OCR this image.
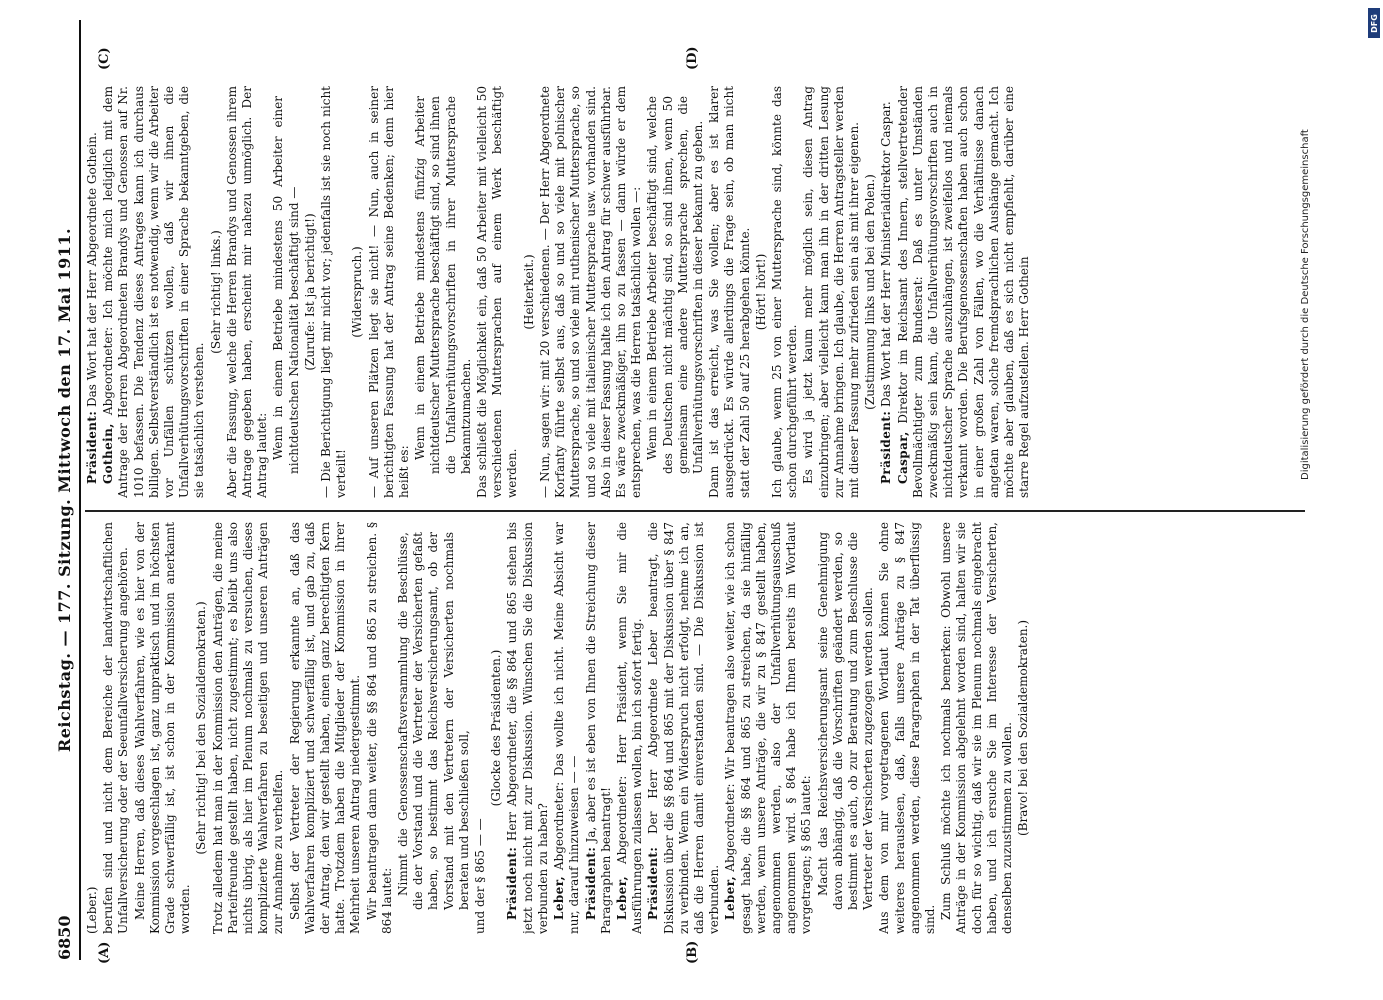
6850
Reichstag. — 177. Sitzung. Mittwoch den 17. Mai 1911.
(A)	(B)
(C)	(D)

(Leber.) berufen sind und nicht dem Bereiche der landwirtschaftlichen Unfallversicherung oder der Seeunfallversicherung angehören. Meine Herren, daß dieses Wahlverfahren, wie es hier von der Kommission vorgeschlagen ist, ganz unpraktisch und im höchsten Grade schwerfällig ist, ist schon in der Kommission anerkannt worden.

(Sehr richtig! bei den Sozialdemokraten.) Trotz alledem hat man in der Kommission den Anträgen, die meine Parteifreunde gestellt haben, nicht zugestimmt; es bleibt uns also nichts übrig, als hier im Plenum nochmals zu versuchen, dieses komplizierte Wahlverfahren zu beseitigen und unseren Anträgen zur Annahme zu verhelfen. Selbst der Vertreter der Regierung erkannte an, daß das Wahlverfahren kompliziert und schwerfällig ist, und gab zu, daß der Antrag, den wir gestellt haben, einen ganz berechtigten Kern hatte. Trotzdem haben die Mitglieder der Kommission in ihrer Mehrheit unseren Antrag niedergestimmt. Wir beantragen dann weiter, die §§ 864 und 865 zu streichen. § 864 lautet:

Nimmt die Genossenschaftsversammlung die Beschlüsse, die der Vorstand und die Vertreter der Versicherten gefaßt haben, so bestimmt das Reichsversicherungsamt, ob der Vorstand mit den Vertretern der Versicherten nochmals beraten und beschließen soll, und der § 865 — —

(Glocke des Präsidenten.)

Präsident: Herr Abgeordneter, die §§ 864 und 865 stehen bis jetzt noch nicht mit zur Diskussion. Wünschen Sie die Diskussion verbunden zu haben? Leber, Abgeordneter: Das wollte ich nicht. Meine Absicht war nur, darauf hinzuweisen — — Präsident: Ja, aber es ist eben von Ihnen die Streichung dieser Paragraphen beantragt! Leber, Abgeordneter: Herr Präsident, wenn Sie mir die Ausführungen zulassen wollen, bin ich sofort fertig. Präsident: Der Herr Abgeordnete Leber beantragt, die Diskussion über die §§ 864 und 865 mit der Diskussion über § 847 zu verbinden. Wenn ein Widerspruch nicht erfolgt, nehme ich an, daß die Herren damit einverstanden sind. — Die Diskussion ist verbunden. Leber, Abgeordneter: Wir beantragen also weiter, wie ich schon gesagt habe, die §§ 864 und 865 zu streichen, da sie hinfällig werden, wenn unsere Anträge, die wir zu § 847 gestellt haben, angenommen werden, also der Unfallverhütungsausschuß angenommen wird. § 864 habe ich Ihnen bereits im Wortlaut vorgetragen; § 865 lautet: Macht das Reichsversicherungsamt seine Genehmigung davon abhängig, daß die Vorschriften geändert werden, so bestimmt es auch, ob zur Beratung und zum Beschlusse die Vertreter der Versicherten zugezogen werden sollen. Aus dem von mir vorgetragenen Wortlaut können Sie ohne weiteres herauslesen, daß, falls unsere Anträge zu § 847 angenommen werden, diese Paragraphen in der Tat überflüssig sind. Zum Schluß möchte ich nochmals bemerken: Obwohl unsere Anträge in der Kommission abgelehnt worden sind, halten wir sie doch für so wichtig, daß wir sie im Plenum nochmals eingebracht haben, und ich ersuche Sie im Interesse der Versicherten, denselben zuzustimmen zu wollen. (Bravo! bei den Sozialdemokraten.)

Präsident: Das Wort hat der Herr Abgeordnete Gothein.

Gothein, Abgeordneter: Ich möchte mich lediglich mit dem Antrage der Herren Abgeordneten Brandys und Genossen auf Nr. 1010 befassen. Die Tendenz dieses Antrages kann ich durchaus billigen. Selbstverständlich ist es notwendig, wenn wir die Arbeiter vor Unfällen schützen wollen, daß wir ihnen die Unfallverhütungsvorschriften in einer Sprache bekanntgeben, die sie tatsächlich verstehen.

(Sehr richtig! links.) Aber die Fassung, welche die Herren Brandys und Genossen ihrem Antrage gegeben haben, erscheint mir nahezu unmöglich. Der Antrag lautet: Wenn in einem Betriebe mindestens 50 Arbeiter einer nichtdeutschen Nationalität beschäftigt sind — (Zurufe: Ist ja berichtigt!) — Die Berichtigung liegt mir nicht vor; jedenfalls ist sie noch nicht verteilt!

(Widerspruch.) — Auf unseren Plätzen liegt sie nicht! — Nun, auch in seiner berichtigten Fassung hat der Antrag seine Bedenken; denn hier heißt es:

Wenn in einem Betriebe mindestens fünfzig Arbeiter nichtdeutscher Muttersprache beschäftigt sind, so sind ihnen die Unfallverhütungsvorschriften in ihrer Muttersprache bekanntzumachen. Das schließt die Möglichkeit ein, daß 50 Arbeiter mit vielleicht 50 verschiedenen Muttersprachen auf einem Werk beschäftigt werden.

(Heiterkeit.) — Nun, sagen wir: mit 20 verschiedenen. — Der Herr Abgeordnete Korfanty führte selbst aus, daß so und so viele mit polnischer Muttersprache, so und so viele mit ruthenischer Muttersprache, so und so viele mit italienischer Muttersprache usw. vorhanden sind. Also in dieser Fassung halte ich den Antrag für schwer ausführbar. Es wäre zweckmäßiger, ihn so zu fassen — dann würde er dem entsprechen, was die Herren tatsächlich wollen —: Wenn in einem Betriebe Arbeiter beschäftigt sind, welche des Deutschen nicht mächtig sind, so sind ihnen, wenn 50 gemeinsam eine andere Muttersprache sprechen, die Unfallverhütungsvorschriften in dieser bekannt zu geben. Dann ist das erreicht, was Sie wollen; aber es ist klarer ausgedrückt. Es würde allerdings die Frage sein, ob man nicht statt der Zahl 50 auf 25 herabgehen könnte. (Hört! hört!) Ich glaube, wenn 25 von einer Muttersprache sind, könnte das schon durchgeführt werden. Es wird ja jetzt kaum mehr möglich sein, diesen Antrag einzubringen; aber vielleicht kann man ihn in der dritten Lesung zur Annahme bringen. Ich glaube, die Herren Antragsteller werden mit dieser Fassung mehr zufrieden sein als mit ihrer eigenen. (Zustimmung links und bei den Polen.)

Präsident: Das Wort hat der Herr Ministerialdirektor Caspar.

Caspar, Direktor im Reichsamt des Innern, stellvertretender Bevollmächtigter zum Bundesrat: Daß es unter Umständen zweckmäßig sein kann, die Unfallverhütungsvorschriften auch in nichtdeutscher Sprache auszuhängen, ist zweifellos und niemals verkannt worden. Die Berufsgenossenschaften haben auch schon in einer großen Zahl von Fällen, wo die Verhältnisse danach angetan waren, solche fremdsprachlichen Aushänge gemacht. Ich möchte aber glauben, daß es sich nicht empfiehlt, darüber eine starre Regel aufzustellen. Herr Gothein

DFG
Digitalisierung gefördert durch die Deutsche Forschungsgemeinschaft
